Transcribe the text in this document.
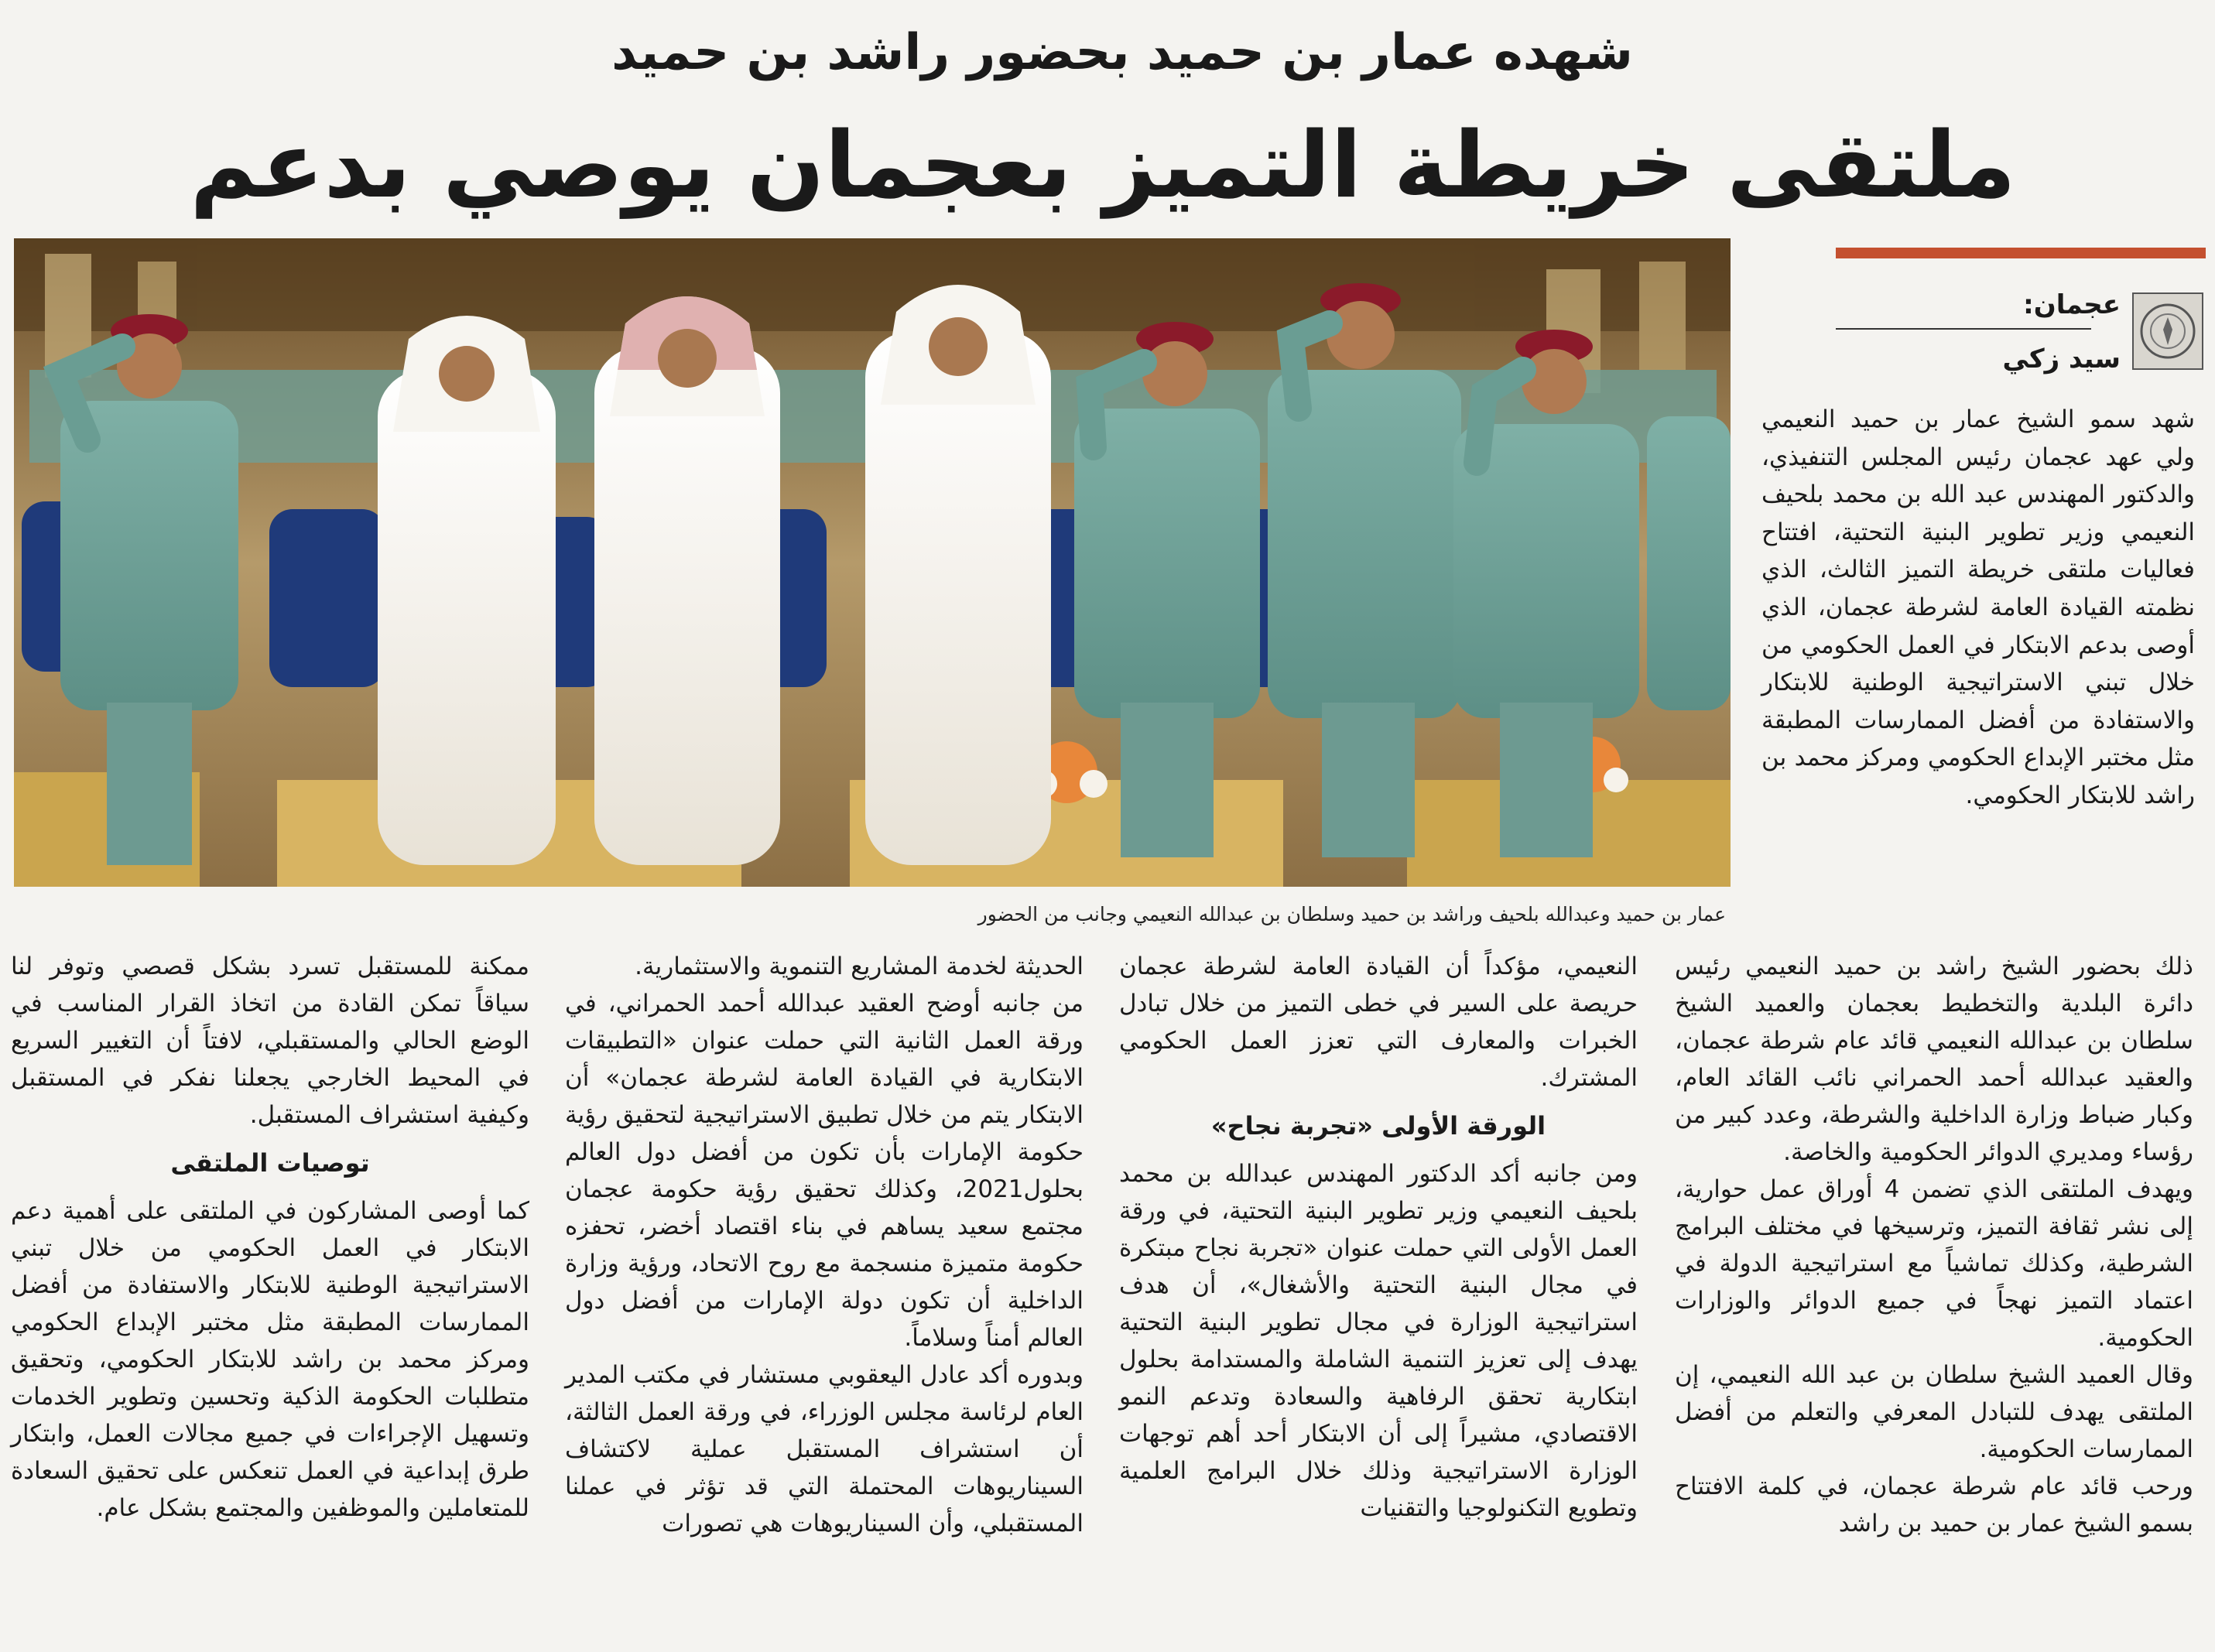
شهده عمار بن حميد بحضور راشد بن حميد
ملتقى خريطة التميز بعجمان يوصي بدعم
عمار بن حميد وعبدالله بلحيف وراشد بن حميد وسلطان بن عبدالله النعيمي وجانب من الحضور
عجمان:
سيد زكي
شهد سمو الشيخ عمار بن حميد النعيمي ولي عهد عجمان رئيس المجلس التنفيذي، والدكتور المهندس عبد الله بن محمد بلحيف النعيمي وزير تطوير البنية التحتية، افتتاح فعاليات ملتقى خريطة التميز الثالث، الذي نظمته القيادة العامة لشرطة عجمان، الذي أوصى بدعم الابتكار في العمل الحكومي من خلال تبني الاستراتيجية الوطنية للابتكار والاستفادة من أفضل الممارسات المطبقة مثل مختبر الإبداع الحكومي ومركز محمد بن راشد للابتكار الحكومي.

ذلك بحضور الشيخ راشد بن حميد النعيمي رئيس دائرة البلدية والتخطيط بعجمان والعميد الشيخ سلطان بن عبدالله النعيمي قائد عام شرطة عجمان، والعقيد عبدالله أحمد الحمراني نائب القائد العام، وكبار ضباط وزارة الداخلية والشرطة، وعدد كبير من رؤساء ومديري الدوائر الحكومية والخاصة.

ويهدف الملتقى الذي تضمن 4 أوراق عمل حوارية، إلى نشر ثقافة التميز، وترسيخها في مختلف البرامج الشرطية، وكذلك تماشياً مع استراتيجية الدولة في اعتماد التميز نهجاً في جميع الدوائر والوزارات الحكومية.

وقال العميد الشيخ سلطان بن عبد الله النعيمي، إن الملتقى يهدف للتبادل المعرفي والتعلم من أفضل الممارسات الحكومية.

ورحب قائد عام شرطة عجمان، في كلمة الافتتاح بسمو الشيخ عمار بن حميد بن راشد

النعيمي، مؤكداً أن القيادة العامة لشرطة عجمان حريصة على السير في خطى التميز من خلال تبادل الخبرات والمعارف التي تعزز العمل الحكومي المشترك.

الورقة الأولى «تجربة نجاح»

ومن جانبه أكد الدكتور المهندس عبدالله بن محمد بلحيف النعيمي وزير تطوير البنية التحتية، في ورقة العمل الأولى التي حملت عنوان «تجربة نجاح مبتكرة في مجال البنية التحتية والأشغال»، أن هدف استراتيجية الوزارة في مجال تطوير البنية التحتية يهدف إلى تعزيز التنمية الشاملة والمستدامة بحلول ابتكارية تحقق الرفاهية والسعادة وتدعم النمو الاقتصادي، مشيراً إلى أن الابتكار أحد أهم توجهات الوزارة الاستراتيجية وذلك خلال البرامج العلمية وتطويع التكنولوجيا والتقنيات

الحديثة لخدمة المشاريع التنموية والاستثمارية.

من جانبه أوضح العقيد عبدالله أحمد الحمراني، في ورقة العمل الثانية التي حملت عنوان «التطبيقات الابتكارية في القيادة العامة لشرطة عجمان» أن الابتكار يتم من خلال تطبيق الاستراتيجية لتحقيق رؤية حكومة الإمارات بأن تكون من أفضل دول العالم بحلول2021، وكذلك تحقيق رؤية حكومة عجمان مجتمع سعيد يساهم في بناء اقتصاد أخضر، تحفزه حكومة متميزة منسجمة مع روح الاتحاد، ورؤية وزارة الداخلية أن تكون دولة الإمارات من أفضل دول العالم أمناً وسلاماً.

وبدوره أكد عادل اليعقوبي مستشار في مكتب المدير العام لرئاسة مجلس الوزراء، في ورقة العمل الثالثة، أن استشراف المستقبل عملية لاكتشاف السيناريوهات المحتملة التي قد تؤثر في عملنا المستقبلي، وأن السيناريوهات هي تصورات

ممكنة للمستقبل تسرد بشكل قصصي وتوفر لنا سياقاً تمكن القادة من اتخاذ القرار المناسب في الوضع الحالي والمستقبلي، لافتاً أن التغيير السريع في المحيط الخارجي يجعلنا نفكر في المستقبل وكيفية استشراف المستقبل.

توصيات الملتقى

كما أوصى المشاركون في الملتقى على أهمية دعم الابتكار في العمل الحكومي من خلال تبني الاستراتيجية الوطنية للابتكار والاستفادة من أفضل الممارسات المطبقة مثل مختبر الإبداع الحكومي ومركز محمد بن راشد للابتكار الحكومي، وتحقيق متطلبات الحكومة الذكية وتحسين وتطوير الخدمات وتسهيل الإجراءات في جميع مجالات العمل، وابتكار طرق إبداعية في العمل تنعكس على تحقيق السعادة للمتعاملين والموظفين والمجتمع بشكل عام.
